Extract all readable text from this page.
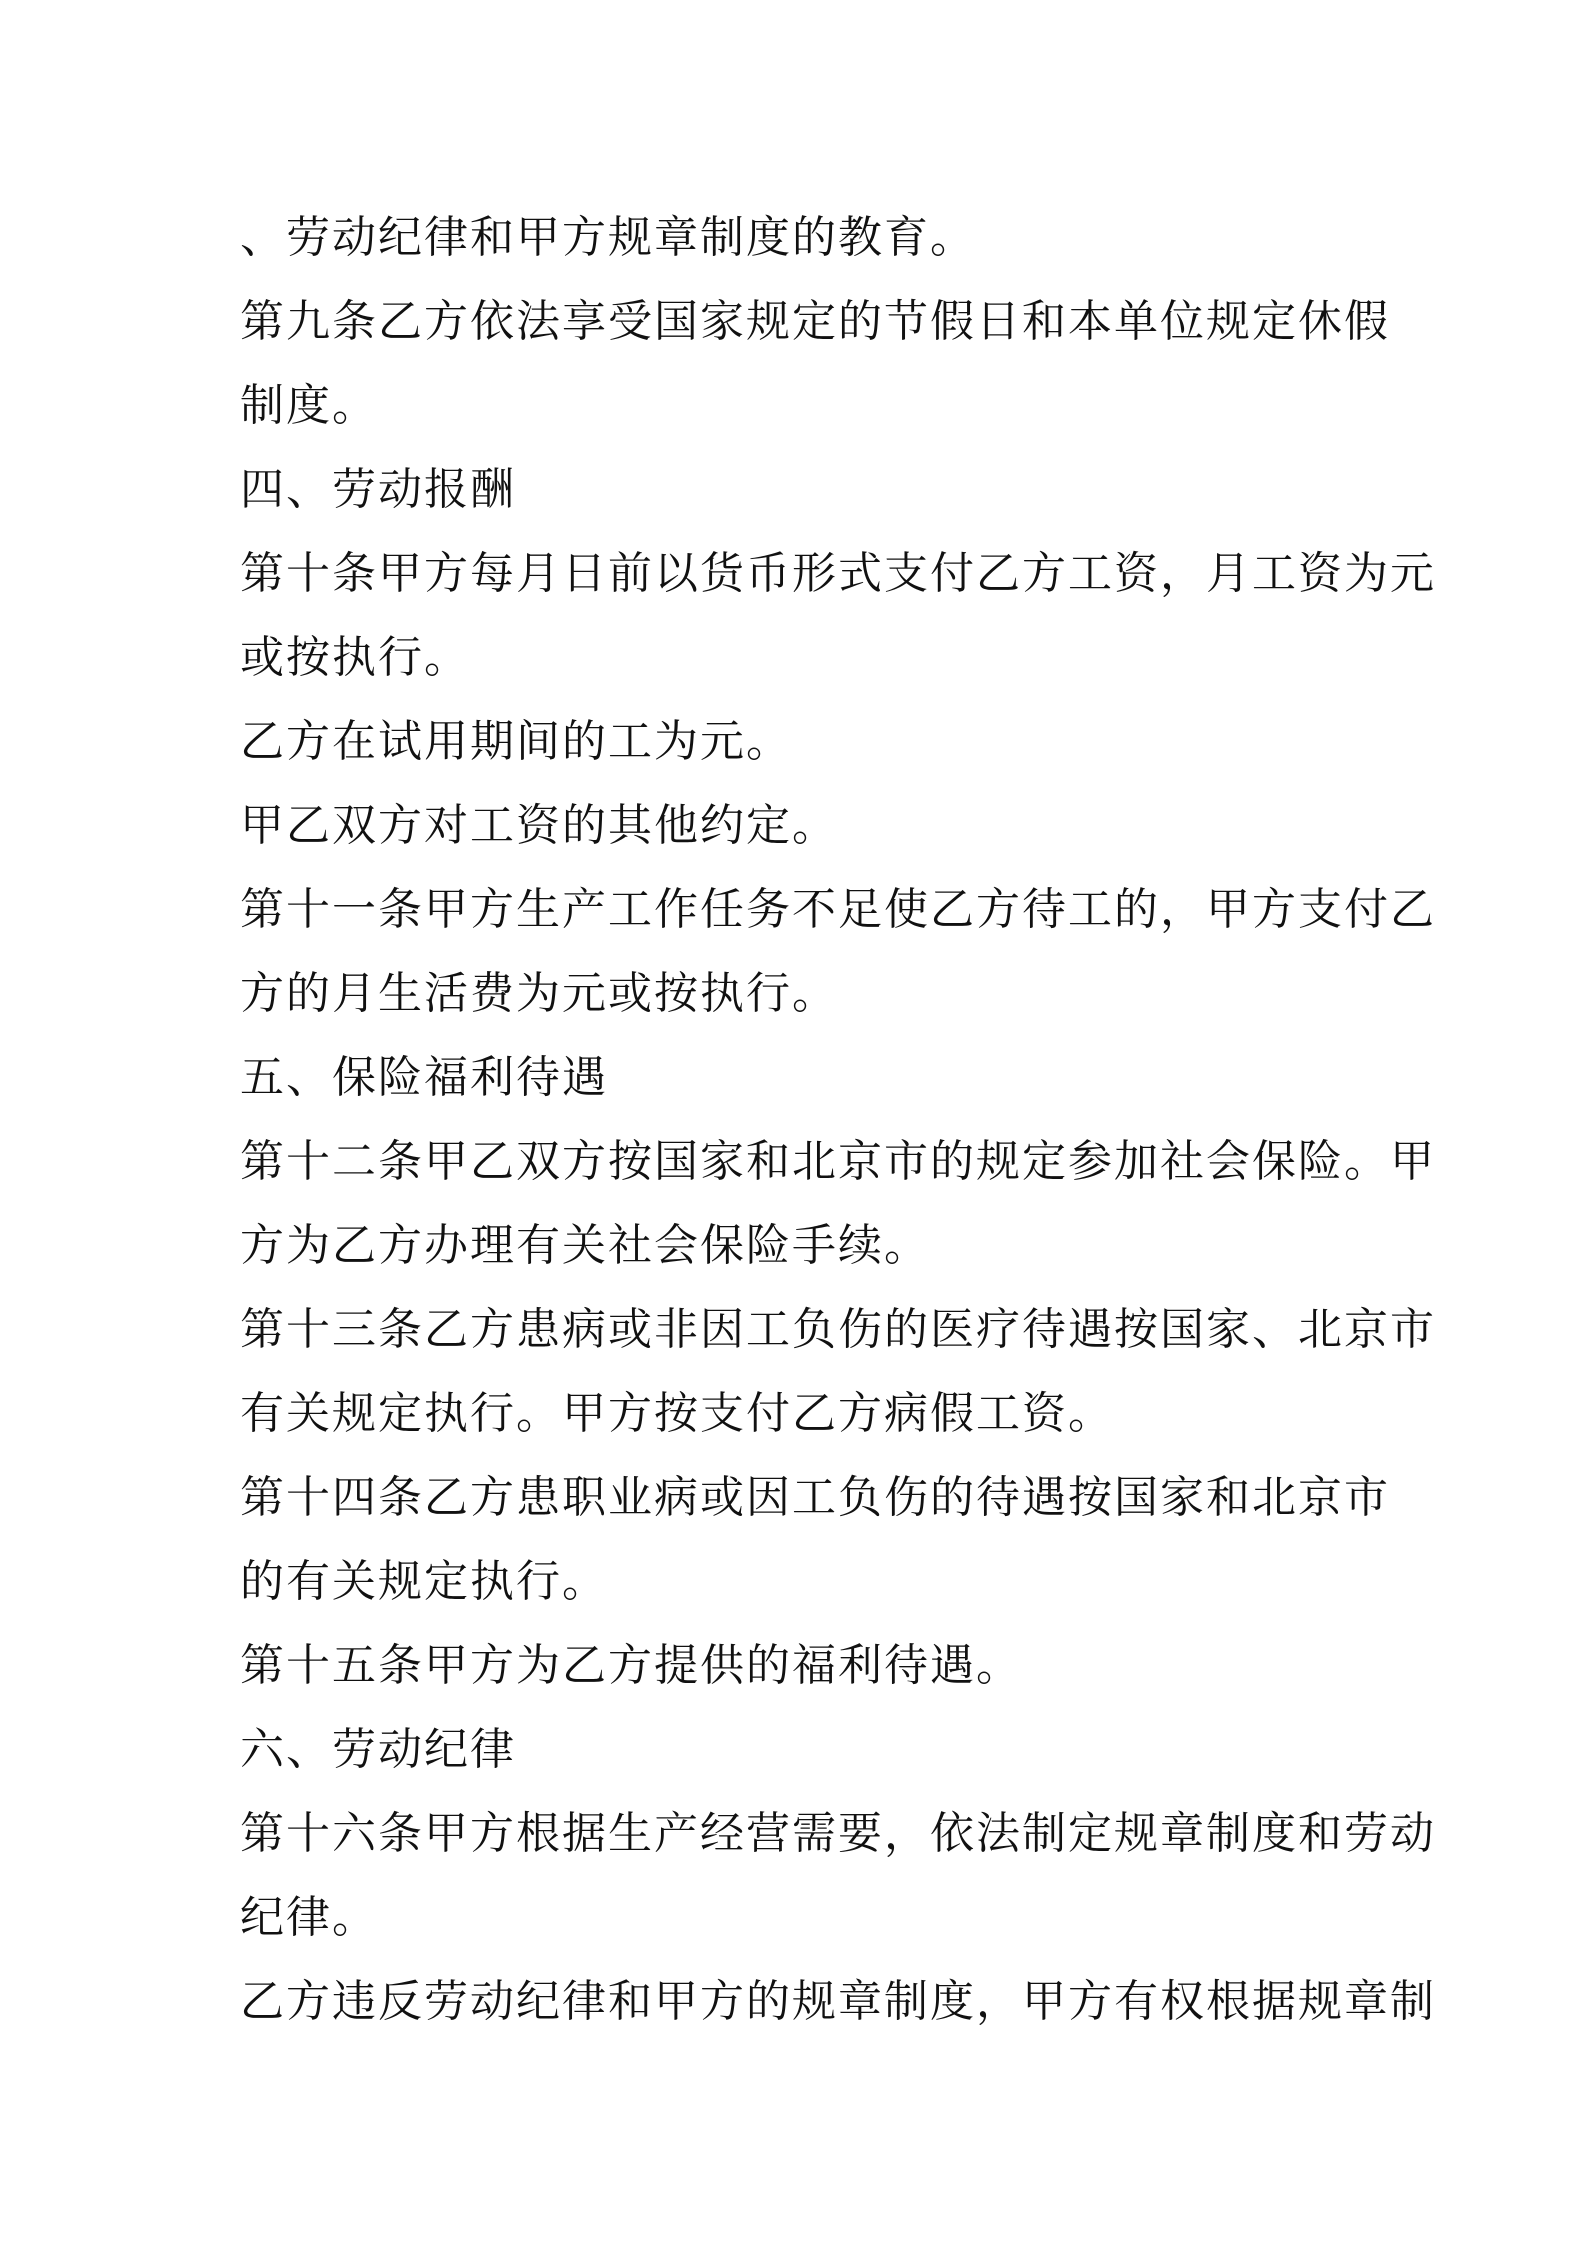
、劳动纪律和甲方规章制度的教育。
第九条乙方依法享受国家规定的节假日和本单位规定休假
制度。
四、劳动报酬
第十条甲方每月日前以货币形式支付乙方工资，月工资为元
或按执行。
乙方在试用期间的工为元。
甲乙双方对工资的其他约定。
第十一条甲方生产工作任务不足使乙方待工的，甲方支付乙
方的月生活费为元或按执行。
五、保险福利待遇
第十二条甲乙双方按国家和北京市的规定参加社会保险。甲
方为乙方办理有关社会保险手续。
第十三条乙方患病或非因工负伤的医疗待遇按国家、北京市
有关规定执行。甲方按支付乙方病假工资。
第十四条乙方患职业病或因工负伤的待遇按国家和北京市
的有关规定执行。
第十五条甲方为乙方提供的福利待遇。
六、劳动纪律
第十六条甲方根据生产经营需要，依法制定规章制度和劳动
纪律。
乙方违反劳动纪律和甲方的规章制度，甲方有权根据规章制
